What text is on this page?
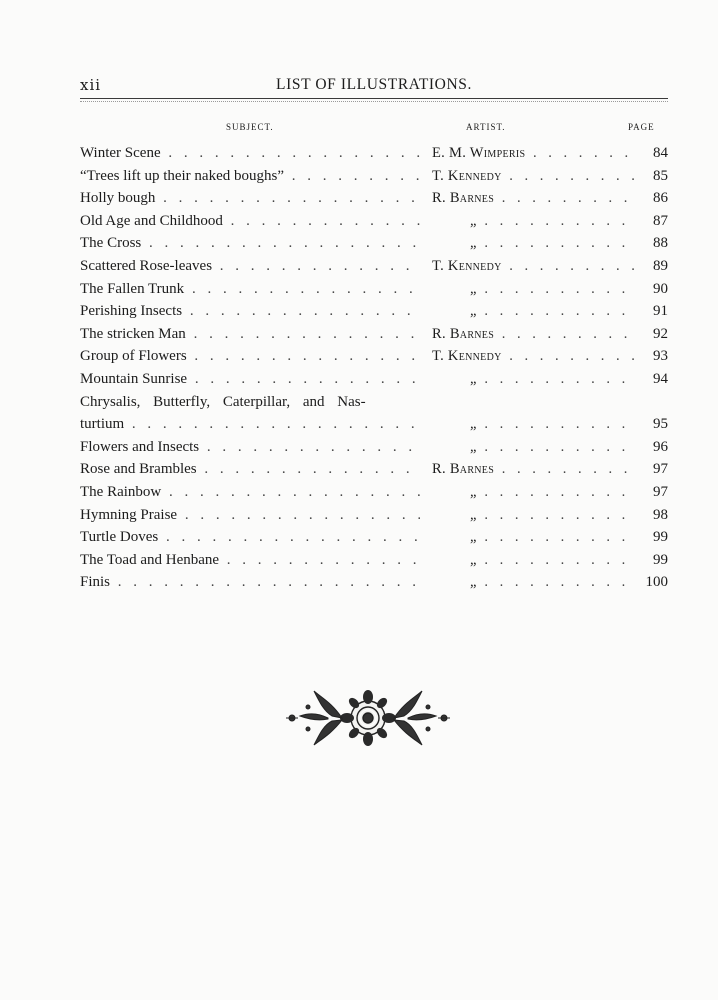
xii	LIST OF ILLUSTRATIONS.
SUBJECT.	ARTIST.	PAGE
Winter Scene . . .	E. M. Wimperis . . .	84
“Trees lift up their naked boughs” . . .	T. Kennedy . . .	85
Holly bough . . .	R. Barnes . . .	86
Old Age and Childhood . . .	„ . . .	87
The Cross . . .	„ . . .	88
Scattered Rose-leaves . . .	T. Kennedy . . .	89
The Fallen Trunk . . .	„ . . .	90
Perishing Insects . . .	„ . . .	91
The stricken Man . . .	R. Barnes . . .	92
Group of Flowers . . .	T. Kennedy . . .	93
Mountain Sunrise . . .	„ . . .	94
Chrysalis, Butterfly, Caterpillar, and Nas-
turtium . . .	„ . . .	95
Flowers and Insects . . .	„ . . .	96
Rose and Brambles . . .	R. Barnes . . .	97
The Rainbow . . .	„ . . .	97
Hymning Praise . . .	„ . . .	98
Turtle Doves . . .	„ . . .	99
The Toad and Henbane . . .	„ . . .	99
Finis . . .	„ . . .	100
